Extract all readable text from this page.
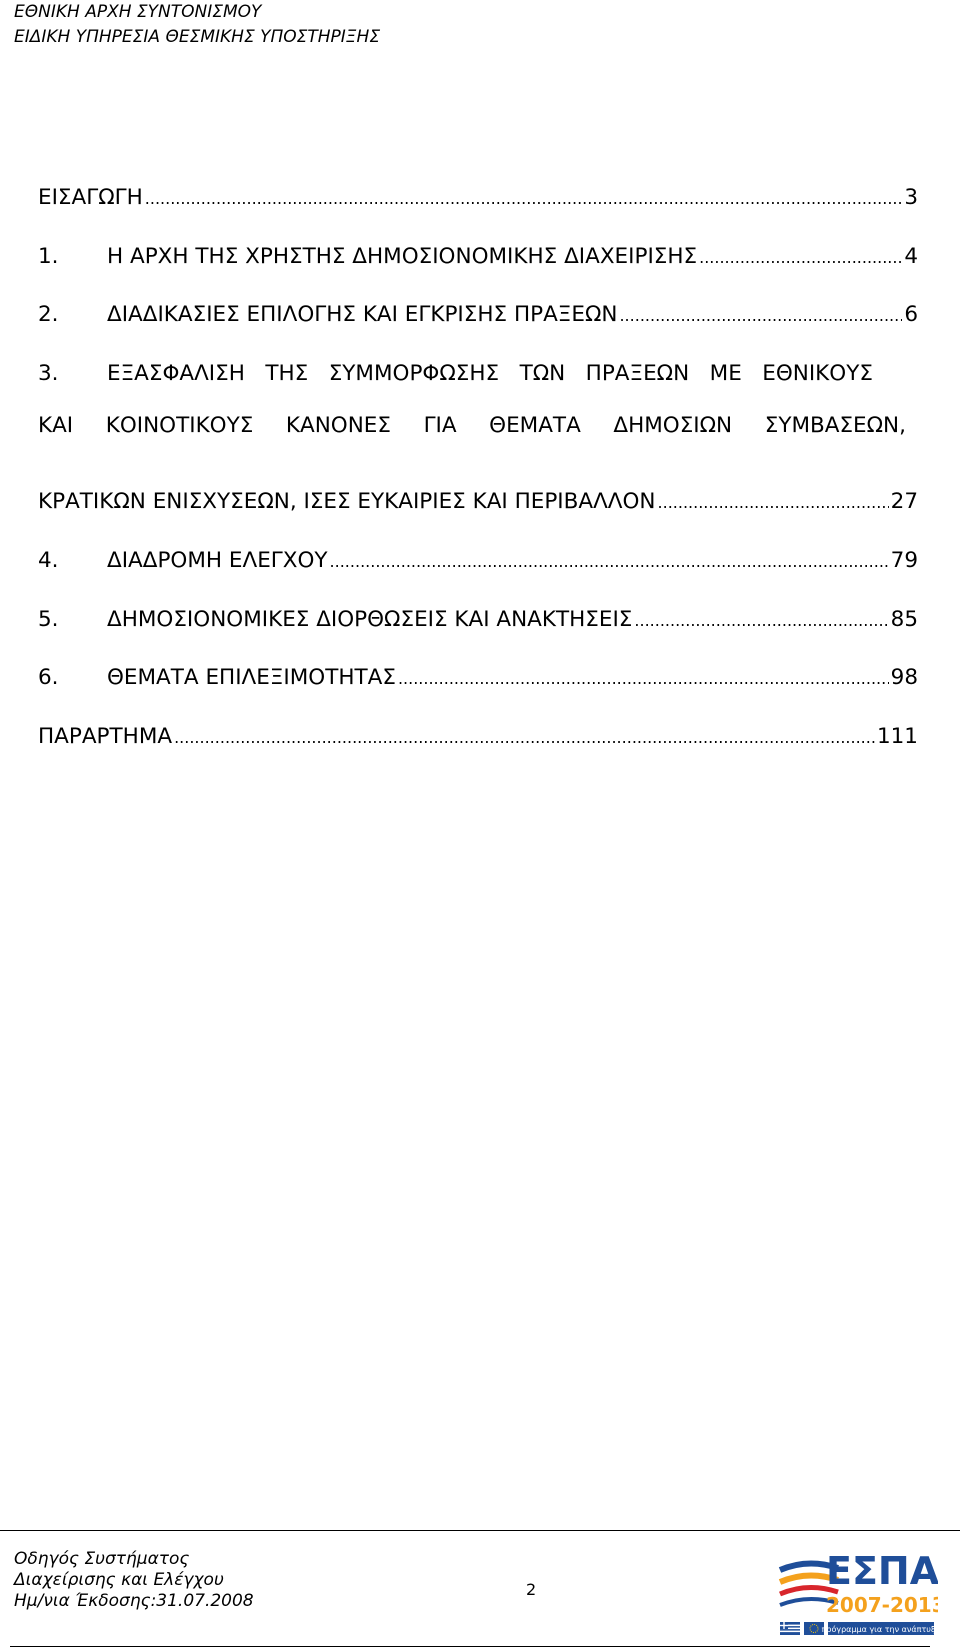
ΕΘΝΙΚΗ ΑΡΧΗ ΣΥΝΤΟΝΙΣΜΟΥ
ΕΙΔΙΚΗ ΥΠΗΡΕΣΙΑ ΘΕΣΜΙΚΗΣ ΥΠΟΣΤΗΡΙΞΗΣ
ΕΙΣΑΓΩΓΗ .....	3
1.	Η ΑΡΧΗ ΤΗΣ ΧΡΗΣΤΗΣ ΔΗΜΟΣΙΟΝΟΜΙΚΗΣ ΔΙΑΧΕΙΡΙΣΗΣ .....	4
2.	ΔΙΑΔΙΚΑΣΙΕΣ ΕΠΙΛΟΓΗΣ ΚΑΙ ΕΓΚΡΙΣΗΣ ΠΡΑΞΕΩΝ .....	6
3.	ΕΞΑΣΦΑΛΙΣΗ ΤΗΣ ΣΥΜΜΟΡΦΩΣΗΣ ΤΩΝ ΠΡΑΞΕΩΝ ΜΕ ΕΘΝΙΚΟΥΣ
ΚΑΙ ΚΟΙΝΟΤΙΚΟΥΣ ΚΑΝΟΝΕΣ ΓΙΑ ΘΕΜΑΤΑ ΔΗΜΟΣΙΩΝ ΣΥΜΒΑΣΕΩΝ,
ΚΡΑΤΙΚΩΝ ΕΝΙΣΧΥΣΕΩΝ, ΙΣΕΣ ΕΥΚΑΙΡΙΕΣ ΚΑΙ ΠΕΡΙΒΑΛΛΟΝ .....	27
4.	ΔΙΑΔΡΟΜΗ ΕΛΕΓΧΟΥ .....	79
5.	ΔΗΜΟΣΙΟΝΟΜΙΚΕΣ ΔΙΟΡΘΩΣΕΙΣ ΚΑΙ ΑΝΑΚΤΗΣΕΙΣ .....	85
6.	ΘΕΜΑΤΑ ΕΠΙΛΕΞΙΜΟΤΗΤΑΣ .....	98
ΠΑΡΑΡΤΗΜΑ .....	111
Οδηγός Συστήματος
Διαχείρισης και Ελέγχου
Ημ/νια Έκδοσης:31.07.2008
2	ΕΣΠΑ
2007-2013
πρόγραμμα για την ανάπτυξη
